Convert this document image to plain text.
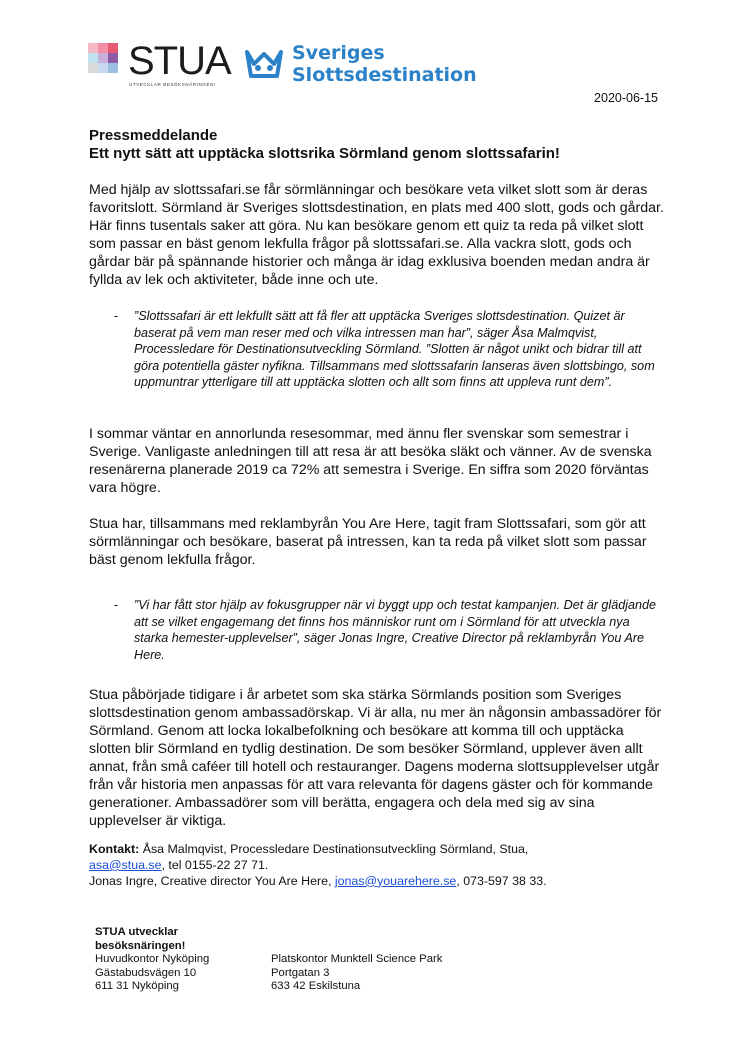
STUA
UTVECKLAR BESÖKSNÄRINGEN!
Sveriges
Slottsdestination
2020-06-15
Pressmeddelande
Ett nytt sätt att upptäcka slottsrika Sörmland genom slottssafarin!

Med hjälp av slottssafari.se får sörmlänningar och besökare veta vilket slott som är deras favoritslott. Sörmland är Sveriges slottsdestination, en plats med 400 slott, gods och gårdar. Här finns tusentals saker att göra. Nu kan besökare genom ett quiz ta reda på vilket slott som passar en bäst genom lekfulla frågor på slottssafari.se. Alla vackra slott, gods och gårdar bär på spännande historier och många är idag exklusiva boenden medan andra är fyllda av lek och aktiviteter, både inne och ute.

- ”Slottssafari är ett lekfullt sätt att få fler att upptäcka Sveriges slottsdestination. Quizet är baserat på vem man reser med och vilka intressen man har”, säger Åsa Malmqvist, Processledare för Destinationsutveckling Sörmland. ”Slotten är något unikt och bidrar till att göra potentiella gäster nyfikna. Tillsammans med slottssafarin lanseras även slottsbingo, som uppmuntrar ytterligare till att upptäcka slotten och allt som finns att uppleva runt dem”.

I sommar väntar en annorlunda resesommar, med ännu fler svenskar som semestrar i Sverige. Vanligaste anledningen till att resa är att besöka släkt och vänner. Av de svenska resenärerna planerade 2019 ca 72% att semestra i Sverige. En siffra som 2020 förväntas vara högre.

Stua har, tillsammans med reklambyrån You Are Here, tagit fram Slottssafari, som gör att sörmlänningar och besökare, baserat på intressen, kan ta reda på vilket slott som passar bäst genom lekfulla frågor.

- ”Vi har fått stor hjälp av fokusgrupper när vi byggt upp och testat kampanjen. Det är glädjande att se vilket engagemang det finns hos människor runt om i Sörmland för att utveckla nya starka hemester-upplevelser”, säger Jonas Ingre, Creative Director på reklambyrån You Are Here.

Stua påbörjade tidigare i år arbetet som ska stärka Sörmlands position som Sveriges slottsdestination genom ambassadörskap. Vi är alla, nu mer än någonsin ambassadörer för Sörmland. Genom att locka lokalbefolkning och besökare att komma till och upptäcka slotten blir Sörmland en tydlig destination. De som besöker Sörmland, upplever även allt annat, från små caféer till hotell och restauranger. Dagens moderna slottsupplevelser utgår från vår historia men anpassas för att vara relevanta för dagens gäster och för kommande generationer. Ambassadörer som vill berätta, engagera och dela med sig av sina upplevelser är viktiga.

Kontakt: Åsa Malmqvist, Processledare Destinationsutveckling Sörmland, Stua,
asa@stua.se, tel 0155-22 27 71.
Jonas Ingre, Creative director You Are Here, jonas@youarehere.se, 073-597 38 33.
STUA utvecklar
besöksnäringen!
Huvudkontor Nyköping
Gästabudsvägen 10
611 31 Nyköping
Platskontor Munktell Science Park
Portgatan 3
633 42 Eskilstuna
